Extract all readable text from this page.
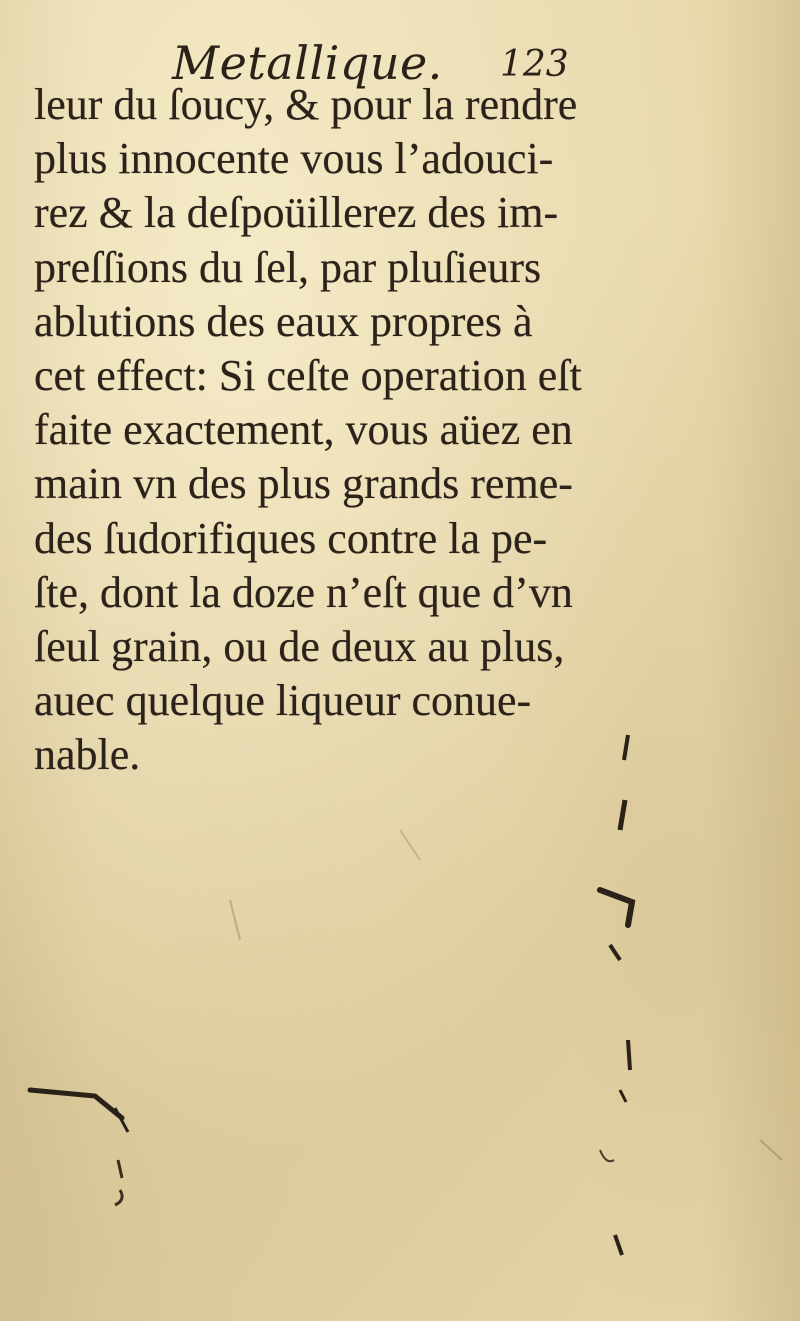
Metallique. 123
leur du ſoucy, & pour la rendre
plus innocente vous l’adouci-
rez & la deſpoüillerez des im-
preſſions du ſel, par pluſieurs
ablutions des eaux propres à
cet effect: Si ceſte operation eſt
faite exactement, vous aüez en
main vn des plus grands reme-
des ſudorifiques contre la pe-
ſte, dont la doze n’eſt que d’vn
ſeul grain, ou de deux au plus,
auec quelque liqueur conue-
nable.
